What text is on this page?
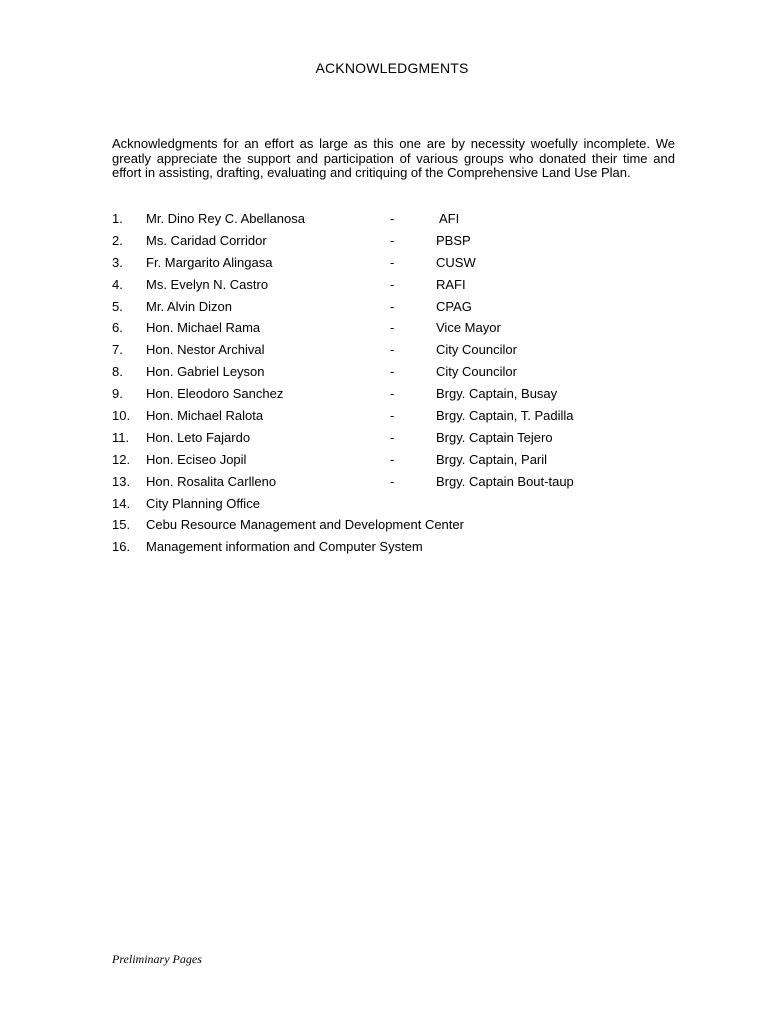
ACKNOWLEDGMENTS

Acknowledgments for an effort as large as this one are by necessity woefully incomplete. We greatly appreciate the support and participation of various groups who donated their time and effort in assisting, drafting, evaluating and critiquing of the Comprehensive Land Use Plan.

1. Mr. Dino Rey C. Abellanosa	-	AFI
2. Ms. Caridad Corridor	-	PBSP
3. Fr. Margarito Alingasa	-	CUSW
4. Ms. Evelyn N. Castro	-	RAFI
5. Mr. Alvin Dizon	-	CPAG
6. Hon. Michael Rama	-	Vice Mayor
7. Hon. Nestor Archival	-	City Councilor
8. Hon. Gabriel Leyson	-	City Councilor
9. Hon. Eleodoro Sanchez	-	Brgy. Captain, Busay
10. Hon. Michael Ralota	-	Brgy. Captain, T. Padilla
11. Hon. Leto Fajardo	-	Brgy. Captain Tejero
12. Hon. Eciseo Jopil	-	Brgy. Captain, Paril
13. Hon. Rosalita Carlleno	-	Brgy. Captain Bout-taup
14. City Planning Office
15. Cebu Resource Management and Development Center
16. Management information and Computer System
Preliminary Pages
